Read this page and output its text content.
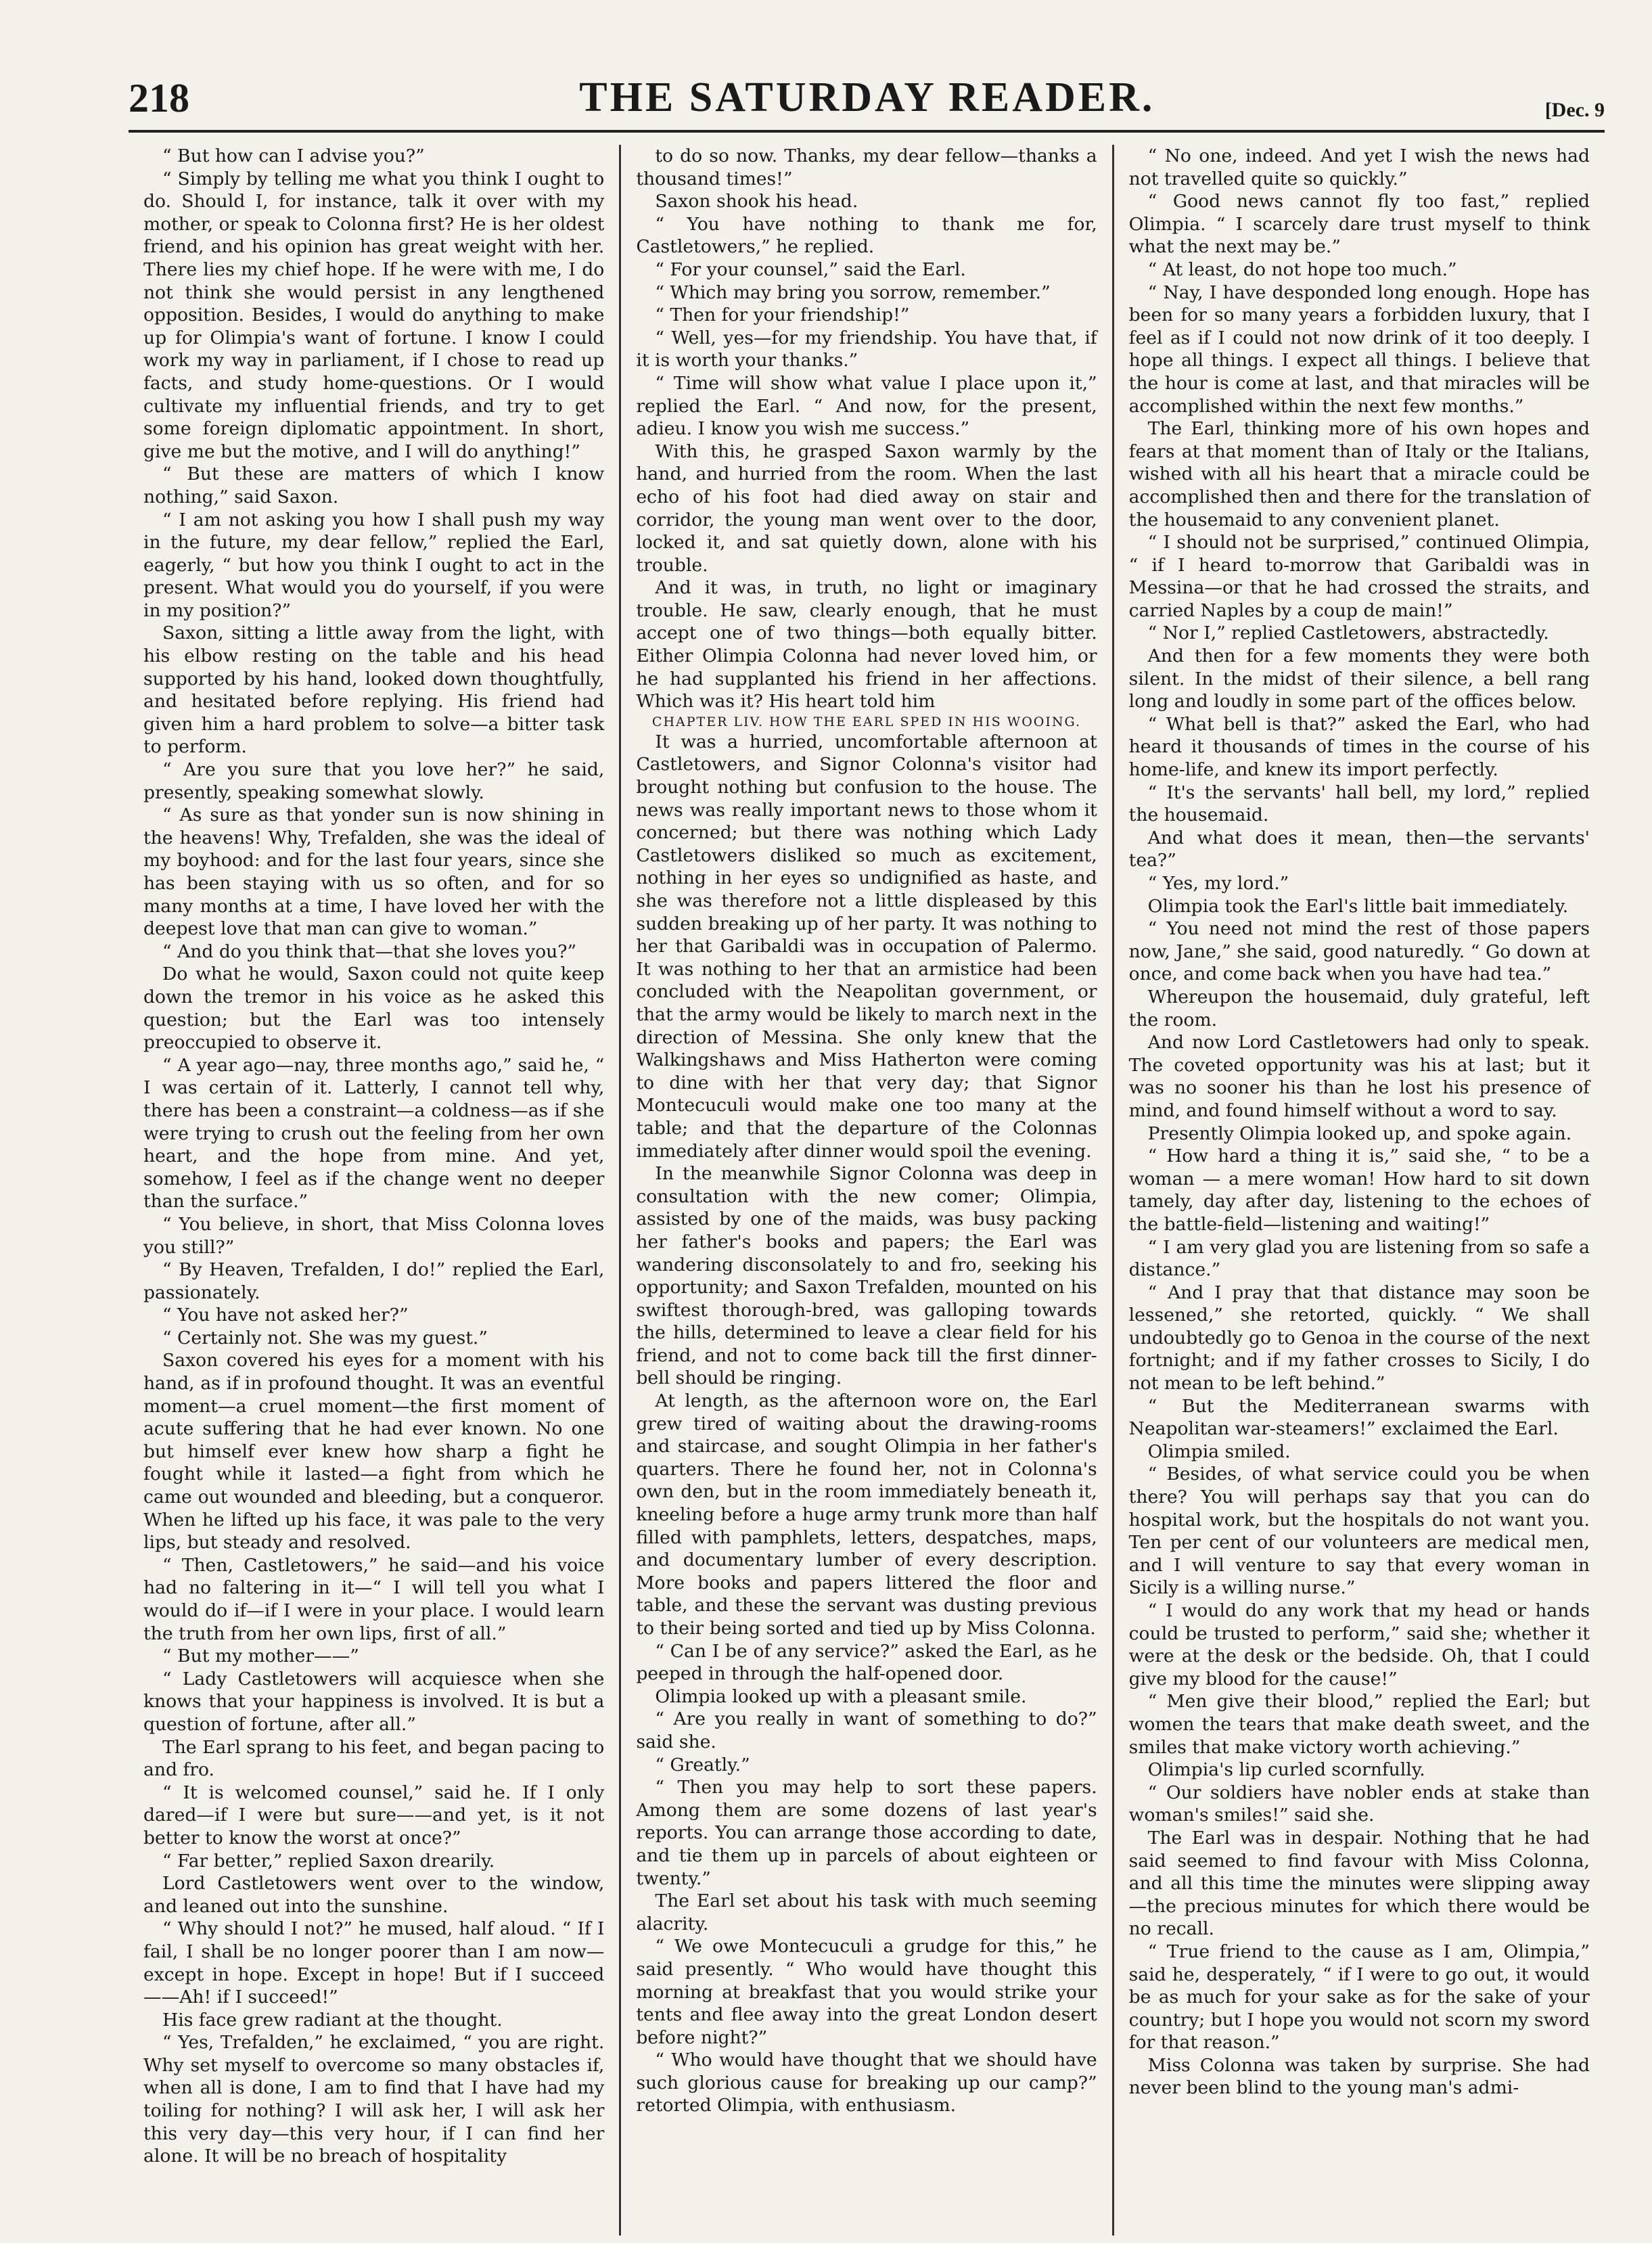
218	THE SATURDAY READER.	[Dec. 9

“ But how can I advise you?”

“ Simply by telling me what you think I ought to do. Should I, for instance, talk it over with my mother, or speak to Colonna first? He is her oldest friend, and his opinion has great weight with her. There lies my chief hope. If he were with me, I do not think she would persist in any lengthened opposition. Besides, I would do anything to make up for Olimpia's want of fortune. I know I could work my way in parliament, if I chose to read up facts, and study home-questions. Or I would cultivate my influential friends, and try to get some foreign diplomatic appointment. In short, give me but the motive, and I will do anything!”

“ But these are matters of which I know nothing,” said Saxon.

“ I am not asking you how I shall push my way in the future, my dear fellow,” replied the Earl, eagerly, “ but how you think I ought to act in the present. What would you do yourself, if you were in my position?”

Saxon, sitting a little away from the light, with his elbow resting on the table and his head supported by his hand, looked down thoughtfully, and hesitated before replying. His friend had given him a hard problem to solve—a bitter task to perform.

“ Are you sure that you love her?” he said, presently, speaking somewhat slowly.

“ As sure as that yonder sun is now shining in the heavens! Why, Trefalden, she was the ideal of my boyhood: and for the last four years, since she has been staying with us so often, and for so many months at a time, I have loved her with the deepest love that man can give to woman.”

“ And do you think that—that she loves you?”

Do what he would, Saxon could not quite keep down the tremor in his voice as he asked this question; but the Earl was too intensely preoccupied to observe it.

“ A year ago—nay, three months ago,” said he, “ I was certain of it. Latterly, I cannot tell why, there has been a constraint—a coldness—as if she were trying to crush out the feeling from her own heart, and the hope from mine. And yet, somehow, I feel as if the change went no deeper than the surface.”

“ You believe, in short, that Miss Colonna loves you still?”

“ By Heaven, Trefalden, I do!” replied the Earl, passionately.

“ You have not asked her?”

“ Certainly not. She was my guest.”

Saxon covered his eyes for a moment with his hand, as if in profound thought. It was an eventful moment—a cruel moment—the first moment of acute suffering that he had ever known. No one but himself ever knew how sharp a fight he fought while it lasted—a fight from which he came out wounded and bleeding, but a conqueror. When he lifted up his face, it was pale to the very lips, but steady and resolved.

“ Then, Castletowers,” he said—and his voice had no faltering in it—“ I will tell you what I would do if—if I were in your place. I would learn the truth from her own lips, first of all.”

“ But my mother——”

“ Lady Castletowers will acquiesce when she knows that your happiness is involved. It is but a question of fortune, after all.”

The Earl sprang to his feet, and began pacing to and fro.

“ It is welcomed counsel,” said he. If I only dared—if I were but sure——and yet, is it not better to know the worst at once?”

“ Far better,” replied Saxon drearily.

Lord Castletowers went over to the window, and leaned out into the sunshine.

“ Why should I not?” he mused, half aloud. “ If I fail, I shall be no longer poorer than I am now—except in hope. Except in hope! But if I succeed——Ah! if I succeed!”

His face grew radiant at the thought.

“ Yes, Trefalden,” he exclaimed, “ you are right. Why set myself to overcome so many obstacles if, when all is done, I am to find that I have had my toiling for nothing? I will ask her, I will ask her this very day—this very hour, if I can find her alone. It will be no breach of hospitality

to do so now. Thanks, my dear fellow—thanks a thousand times!”

Saxon shook his head.

“ You have nothing to thank me for, Castletowers,” he replied.

“ For your counsel,” said the Earl.

“ Which may bring you sorrow, remember.”

“ Then for your friendship!”

“ Well, yes—for my friendship. You have that, if it is worth your thanks.”

“ Time will show what value I place upon it,” replied the Earl. “ And now, for the present, adieu. I know you wish me success.”

With this, he grasped Saxon warmly by the hand, and hurried from the room. When the last echo of his foot had died away on stair and corridor, the young man went over to the door, locked it, and sat quietly down, alone with his trouble.

And it was, in truth, no light or imaginary trouble. He saw, clearly enough, that he must accept one of two things—both equally bitter. Either Olimpia Colonna had never loved him, or he had supplanted his friend in her affections. Which was it? His heart told him

CHAPTER LIV. HOW THE EARL SPED IN HIS WOOING.

It was a hurried, uncomfortable afternoon at Castletowers, and Signor Colonna's visitor had brought nothing but confusion to the house. The news was really important news to those whom it concerned; but there was nothing which Lady Castletowers disliked so much as excitement, nothing in her eyes so undignified as haste, and she was therefore not a little displeased by this sudden breaking up of her party. It was nothing to her that Garibaldi was in occupation of Palermo. It was nothing to her that an armistice had been concluded with the Neapolitan government, or that the army would be likely to march next in the direction of Messina. She only knew that the Walkingshaws and Miss Hatherton were coming to dine with her that very day; that Signor Montecuculi would make one too many at the table; and that the departure of the Colonnas immediately after dinner would spoil the evening.

In the meanwhile Signor Colonna was deep in consultation with the new comer; Olimpia, assisted by one of the maids, was busy packing her father's books and papers; the Earl was wandering disconsolately to and fro, seeking his opportunity; and Saxon Trefalden, mounted on his swiftest thorough-bred, was galloping towards the hills, determined to leave a clear field for his friend, and not to come back till the first dinner-bell should be ringing.

At length, as the afternoon wore on, the Earl grew tired of waiting about the drawing-rooms and staircase, and sought Olimpia in her father's quarters. There he found her, not in Colonna's own den, but in the room immediately beneath it, kneeling before a huge army trunk more than half filled with pamphlets, letters, despatches, maps, and documentary lumber of every description. More books and papers littered the floor and table, and these the servant was dusting previous to their being sorted and tied up by Miss Colonna.

“ Can I be of any service?” asked the Earl, as he peeped in through the half-opened door.

Olimpia looked up with a pleasant smile.

“ Are you really in want of something to do?” said she.

“ Greatly.”

“ Then you may help to sort these papers. Among them are some dozens of last year's reports. You can arrange those according to date, and tie them up in parcels of about eighteen or twenty.”

The Earl set about his task with much seeming alacrity.

“ We owe Montecuculi a grudge for this,” he said presently. “ Who would have thought this morning at breakfast that you would strike your tents and flee away into the great London desert before night?”

“ Who would have thought that we should have such glorious cause for breaking up our camp?” retorted Olimpia, with enthusiasm.

“ No one, indeed. And yet I wish the news had not travelled quite so quickly.”

“ Good news cannot fly too fast,” replied Olimpia. “ I scarcely dare trust myself to think what the next may be.”

“ At least, do not hope too much.”

“ Nay, I have desponded long enough. Hope has been for so many years a forbidden luxury, that I feel as if I could not now drink of it too deeply. I hope all things. I expect all things. I believe that the hour is come at last, and that miracles will be accomplished within the next few months.”

The Earl, thinking more of his own hopes and fears at that moment than of Italy or the Italians, wished with all his heart that a miracle could be accomplished then and there for the translation of the housemaid to any convenient planet.

“ I should not be surprised,” continued Olimpia, “ if I heard to-morrow that Garibaldi was in Messina—or that he had crossed the straits, and carried Naples by a coup de main!”

“ Nor I,” replied Castletowers, abstractedly.

And then for a few moments they were both silent. In the midst of their silence, a bell rang long and loudly in some part of the offices below.

“ What bell is that?” asked the Earl, who had heard it thousands of times in the course of his home-life, and knew its import perfectly.

“ It's the servants' hall bell, my lord,” replied the housemaid.

And what does it mean, then—the servants' tea?”

“ Yes, my lord.”

Olimpia took the Earl's little bait immediately.

“ You need not mind the rest of those papers now, Jane,” she said, good naturedly. “ Go down at once, and come back when you have had tea.”

Whereupon the housemaid, duly grateful, left the room.

And now Lord Castletowers had only to speak. The coveted opportunity was his at last; but it was no sooner his than he lost his presence of mind, and found himself without a word to say.

Presently Olimpia looked up, and spoke again.

“ How hard a thing it is,” said she, “ to be a woman — a mere woman! How hard to sit down tamely, day after day, listening to the echoes of the battle-field—listening and waiting!”

“ I am very glad you are listening from so safe a distance.”

“ And I pray that that distance may soon be lessened,” she retorted, quickly. “ We shall undoubtedly go to Genoa in the course of the next fortnight; and if my father crosses to Sicily, I do not mean to be left behind.”

“ But the Mediterranean swarms with Neapolitan war-steamers!” exclaimed the Earl.

Olimpia smiled.

“ Besides, of what service could you be when there? You will perhaps say that you can do hospital work, but the hospitals do not want you. Ten per cent of our volunteers are medical men, and I will venture to say that every woman in Sicily is a willing nurse.”

“ I would do any work that my head or hands could be trusted to perform,” said she; whether it were at the desk or the bedside. Oh, that I could give my blood for the cause!”

“ Men give their blood,” replied the Earl; but women the tears that make death sweet, and the smiles that make victory worth achieving.”

Olimpia's lip curled scornfully.

“ Our soldiers have nobler ends at stake than woman's smiles!” said she.

The Earl was in despair. Nothing that he had said seemed to find favour with Miss Colonna, and all this time the minutes were slipping away—the precious minutes for which there would be no recall.

“ True friend to the cause as I am, Olimpia,” said he, desperately, “ if I were to go out, it would be as much for your sake as for the sake of your country; but I hope you would not scorn my sword for that reason.”

Miss Colonna was taken by surprise. She had never been blind to the young man's admi-
